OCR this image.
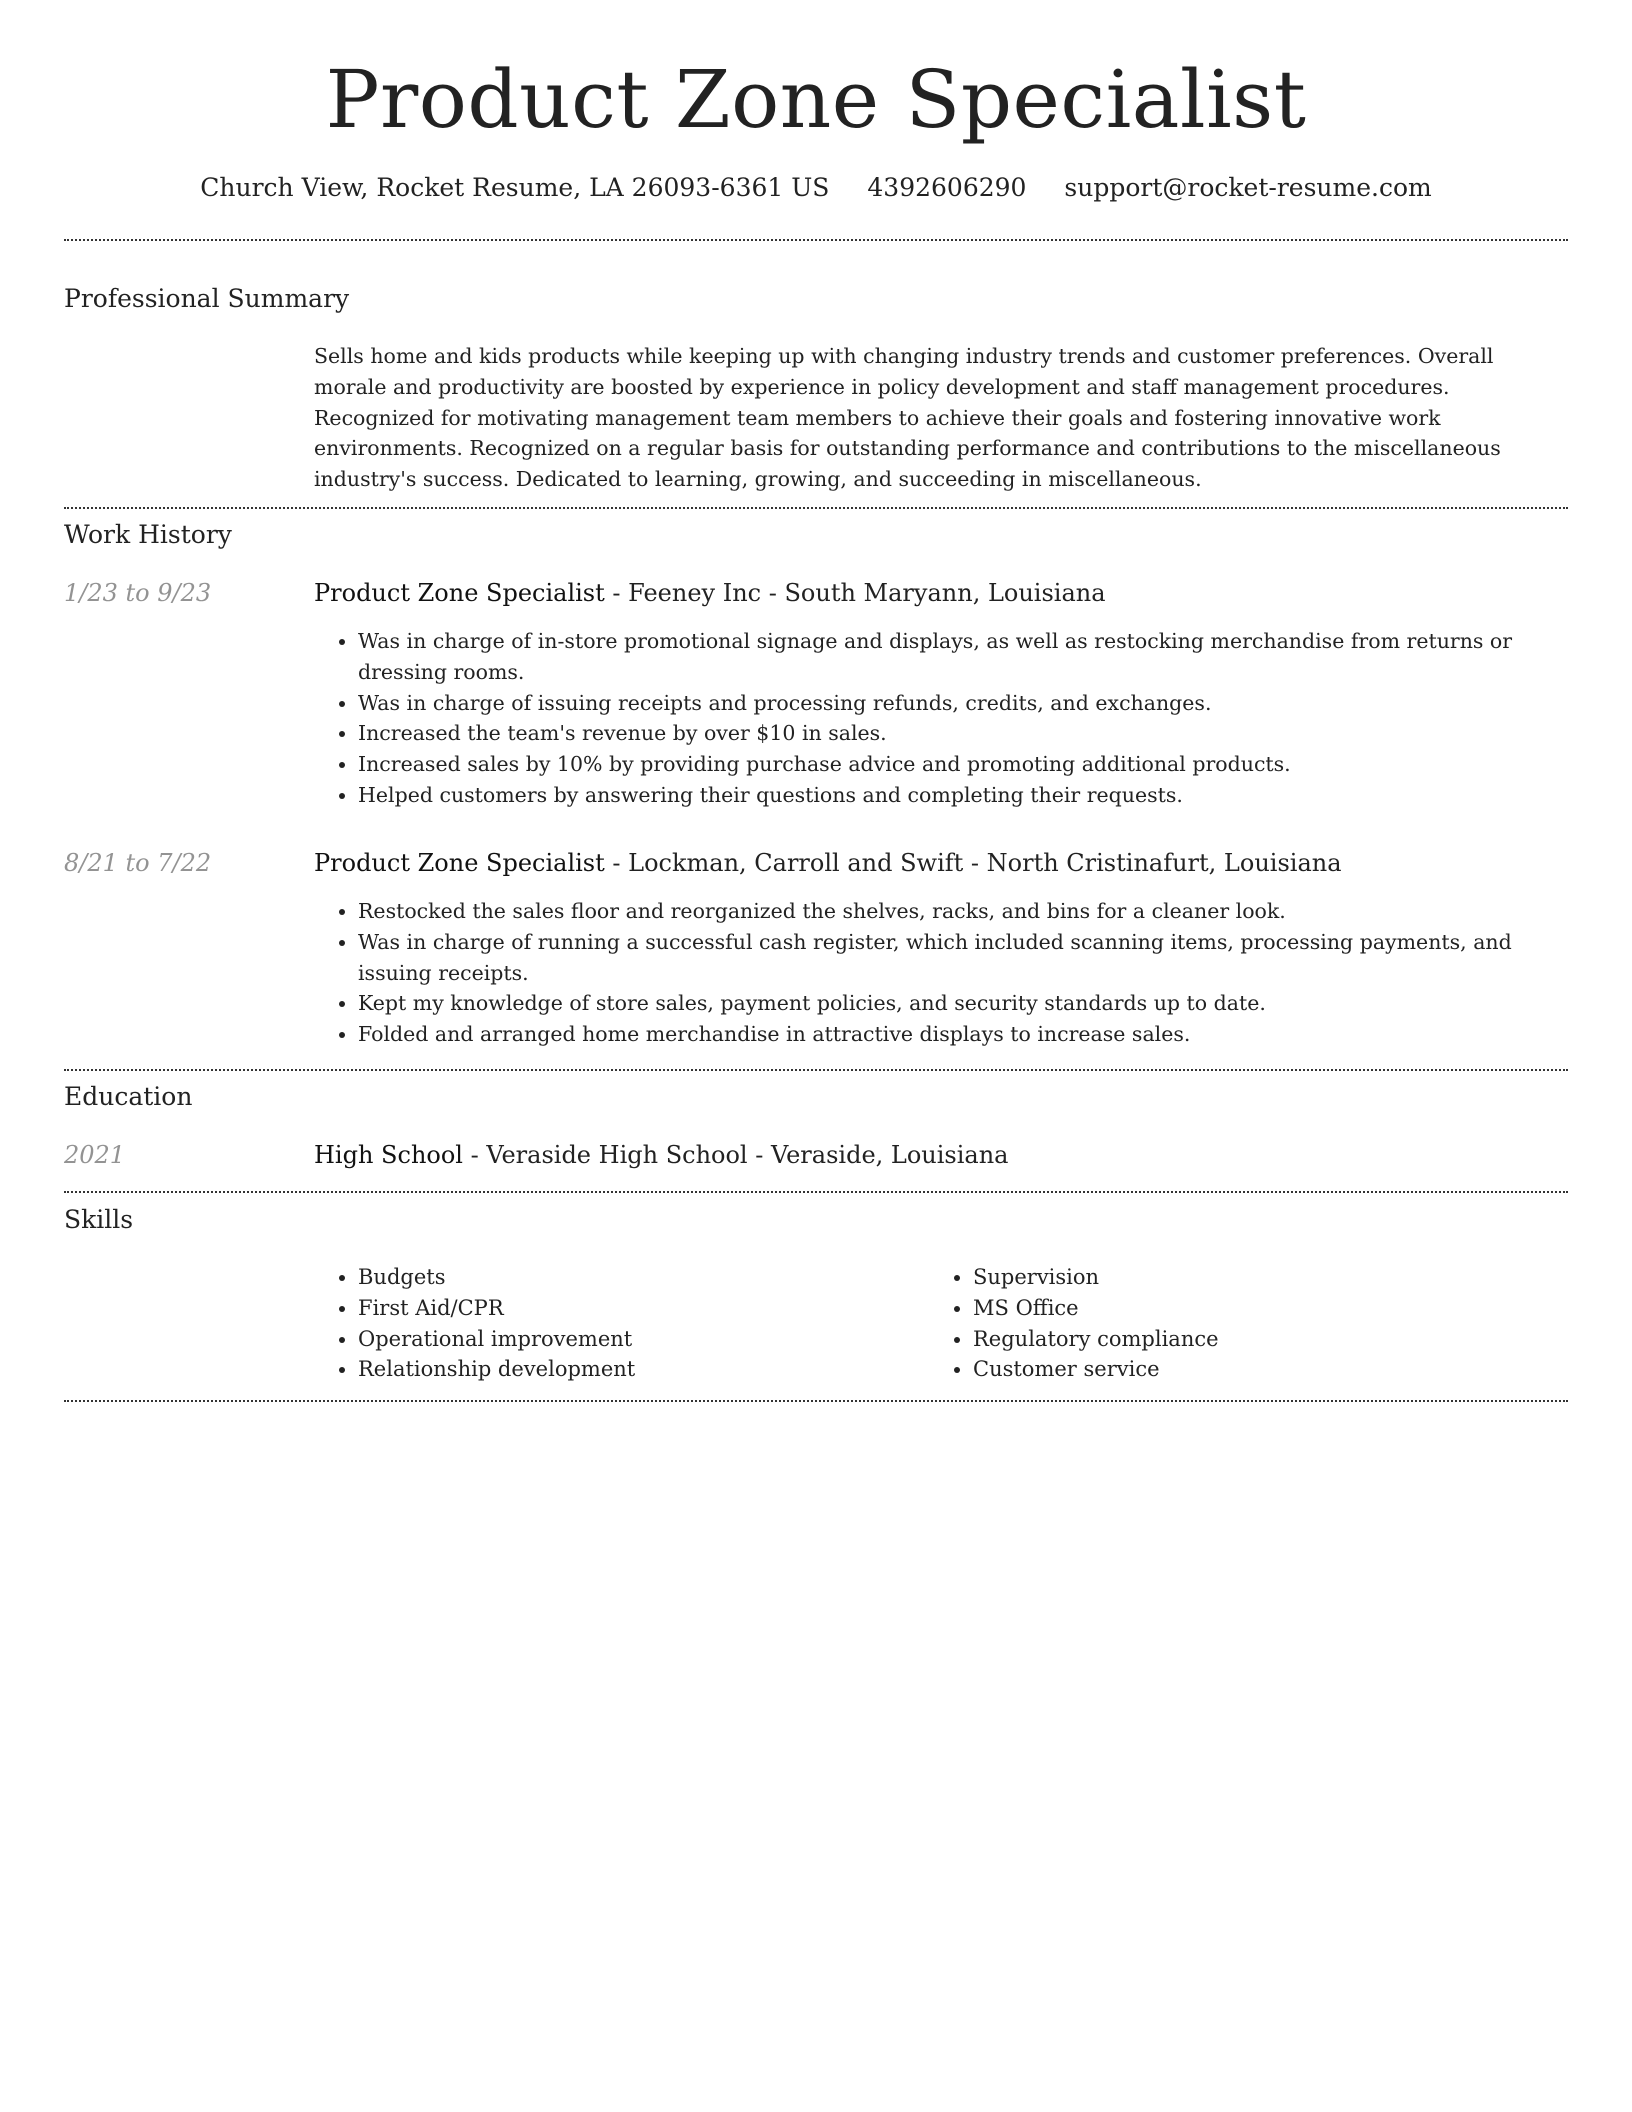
Product Zone Specialist
Church View, Rocket Resume, LA 26093-6361 US 4392606290 support@rocket-resume.com
Professional Summary

Sells home and kids products while keeping up with changing industry trends and customer preferences. Overall morale and productivity are boosted by experience in policy development and staff management procedures. Recognized for motivating management team members to achieve their goals and fostering innovative work environments. Recognized on a regular basis for outstanding performance and contributions to the miscellaneous industry's success. Dedicated to learning, growing, and succeeding in miscellaneous.

Work History
1/23 to 9/23	Product Zone Specialist - Feeney Inc - South Maryann, Louisiana
• Was in charge of in-store promotional signage and displays, as well as restocking merchandise from returns or dressing rooms.
• Was in charge of issuing receipts and processing refunds, credits, and exchanges.
• Increased the team's revenue by over $10 in sales.
• Increased sales by 10% by providing purchase advice and promoting additional products.
• Helped customers by answering their questions and completing their requests.
8/21 to 7/22	Product Zone Specialist - Lockman, Carroll and Swift - North Cristinafurt, Louisiana
• Restocked the sales floor and reorganized the shelves, racks, and bins for a cleaner look.
• Was in charge of running a successful cash register, which included scanning items, processing payments, and issuing receipts.
• Kept my knowledge of store sales, payment policies, and security standards up to date.
• Folded and arranged home merchandise in attractive displays to increase sales.
Education
2021	High School - Veraside High School - Veraside, Louisiana
Skills
• Budgets
• First Aid/CPR
• Operational improvement
• Relationship development
• Supervision
• MS Office
• Regulatory compliance
• Customer service
